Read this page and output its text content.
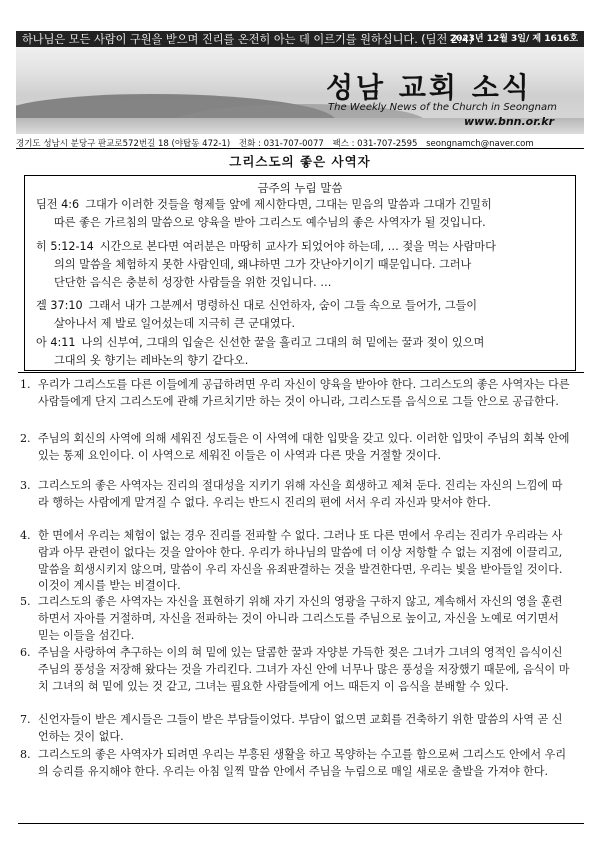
하나님은 모든 사람이 구원을 받으며 진리를 온전히 아는 데 이르기를 원하십니다. (딤전 2:4)
2023년 12월 3일/ 제 1616호
성남 교회 소식
The Weekly News of the Church in Seongnam
www.bnn.or.kr
경기도 성남시 분당구 판교로572번길 18 (야탑동 472-1) 전화 : 031-707-0077 팩스 : 031-707-2595 seongnamch@naver.com
그리스도의 좋은 사역자
금주의 누림 말씀
딤전 4:6 그대가 이러한 것들을 형제들 앞에 제시한다면, 그대는 믿음의 말씀과 그대가 긴밀히
따른 좋은 가르침의 말씀으로 양육을 받아 그리스도 예수님의 좋은 사역자가 될 것입니다.
히 5:12-14 시간으로 본다면 여러분은 마땅히 교사가 되었어야 하는데, … 젖을 먹는 사람마다
의의 말씀을 체험하지 못한 사람인데, 왜냐하면 그가 갓난아기이기 때문입니다. 그러나
단단한 음식은 충분히 성장한 사람들을 위한 것입니다. …
겔 37:10 그래서 내가 그분께서 명령하신 대로 신언하자, 숨이 그들 속으로 들어가, 그들이
살아나서 제 발로 일어섰는데 지극히 큰 군대였다.
아 4:11 나의 신부여, 그대의 입술은 신선한 꿀을 흘리고 그대의 혀 밑에는 꿀과 젖이 있으며
그대의 옷 향기는 레바논의 향기 같다오.
1. 우리가 그리스도를 다른 이들에게 공급하려면 우리 자신이 양육을 받아야 한다. 그리스도의 좋은 사역자는 다른 사람들에게 단지 그리스도에 관해 가르치기만 하는 것이 아니라, 그리스도를 음식으로 그들 안으로 공급한다.
2. 주님의 회신의 사역에 의해 세워진 성도들은 이 사역에 대한 입맞을 갖고 있다. 이러한 입맛이 주님의 회복 안에 있는 통제 요인이다. 이 사역으로 세워진 이들은 이 사역과 다른 맛을 거절할 것이다.
3. 그리스도의 좋은 사역자는 진리의 절대성을 지키기 위해 자신을 희생하고 제쳐 둔다. 진리는 자신의 느낌에 따라 행하는 사람에게 맡겨질 수 없다. 우리는 반드시 진리의 편에 서서 우리 자신과 맞서야 한다.
4. 한 면에서 우리는 체험이 없는 경우 진리를 전파할 수 없다. 그러나 또 다른 면에서 우리는 진리가 우리라는 사람과 아무 관련이 없다는 것을 알아야 한다. 우리가 하나님의 말씀에 더 이상 저항할 수 없는 지점에 이끌리고, 말씀을 희생시키지 않으며, 말씀이 우리 자신을 유죄판결하는 것을 발견한다면, 우리는 빛을 받아들일 것이다. 이것이 계시를 받는 비결이다.
5. 그리스도의 좋은 사역자는 자신을 표현하기 위해 자기 자신의 영광을 구하지 않고, 계속해서 자신의 영을 훈련하면서 자아를 거절하며, 자신을 전파하는 것이 아니라 그리스도를 주님으로 높이고, 자신을 노예로 여기면서 믿는 이들을 섬긴다.
6. 주님을 사랑하여 추구하는 이의 혀 밑에 있는 달콤한 꿀과 자양분 가득한 젖은 그녀가 그녀의 영적인 음식이신 주님의 풍성을 저장해 왔다는 것을 가리킨다. 그녀가 자신 안에 너무나 많은 풍성을 저장했기 때문에, 음식이 마치 그녀의 혀 밑에 있는 것 같고, 그녀는 필요한 사람들에게 어느 때든지 이 음식을 분배할 수 있다.
7. 신언자들이 받은 계시들은 그들이 받은 부담들이었다. 부담이 없으면 교회를 건축하기 위한 말씀의 사역 곧 신언하는 것이 없다.
8. 그리스도의 좋은 사역자가 되려면 우리는 부흥된 생활을 하고 목양하는 수고를 함으로써 그리스도 안에서 우리의 승리를 유지해야 한다. 우리는 아침 일찍 말씀 안에서 주님을 누림으로 매일 새로운 출발을 가져야 한다.
